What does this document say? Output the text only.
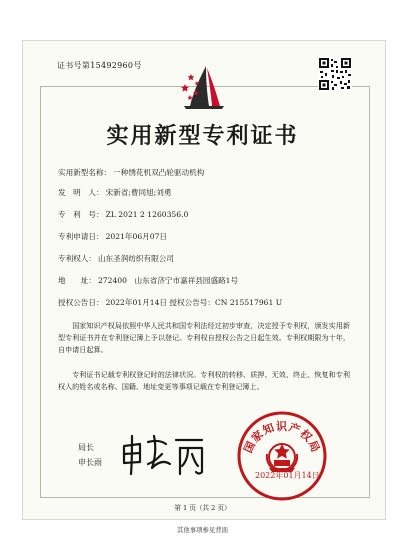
证书号第15492960号
实用新型专利证书
实用新型名称： 一种绣花机双凸轮驱动机构
发　明　人： 宋新省;曹同旭;刘勇
专　利　号： ZL 2021 2 1260356.0
专利申请日： 2021年06月07日
专利权人： 山东圣润纺织有限公司
地　　址： 272400　山东省济宁市嘉祥县园盛路1号
授权公告日： 2022年01月14日 授权公告号：CN 215517961 U
国家知识产权局依照中华人民共和国专利法经过初步审查，决定授予专利权，颁发实用新型专利证书并在专利登记簿上予以登记。专利权自授权公告之日起生效。专利权期限为十年，自申请日起算。
专利证书记载专利权登记时的法律状况。专利权的转移、质押、无效、终止、恢复和专利权人的姓名或名称、国籍、地址变更等事项记载在专利登记簿上。
局长
申长雨
国家知识产权局
2022年01月14日
第 1 页（共 2 页）
其他事项参见背面
